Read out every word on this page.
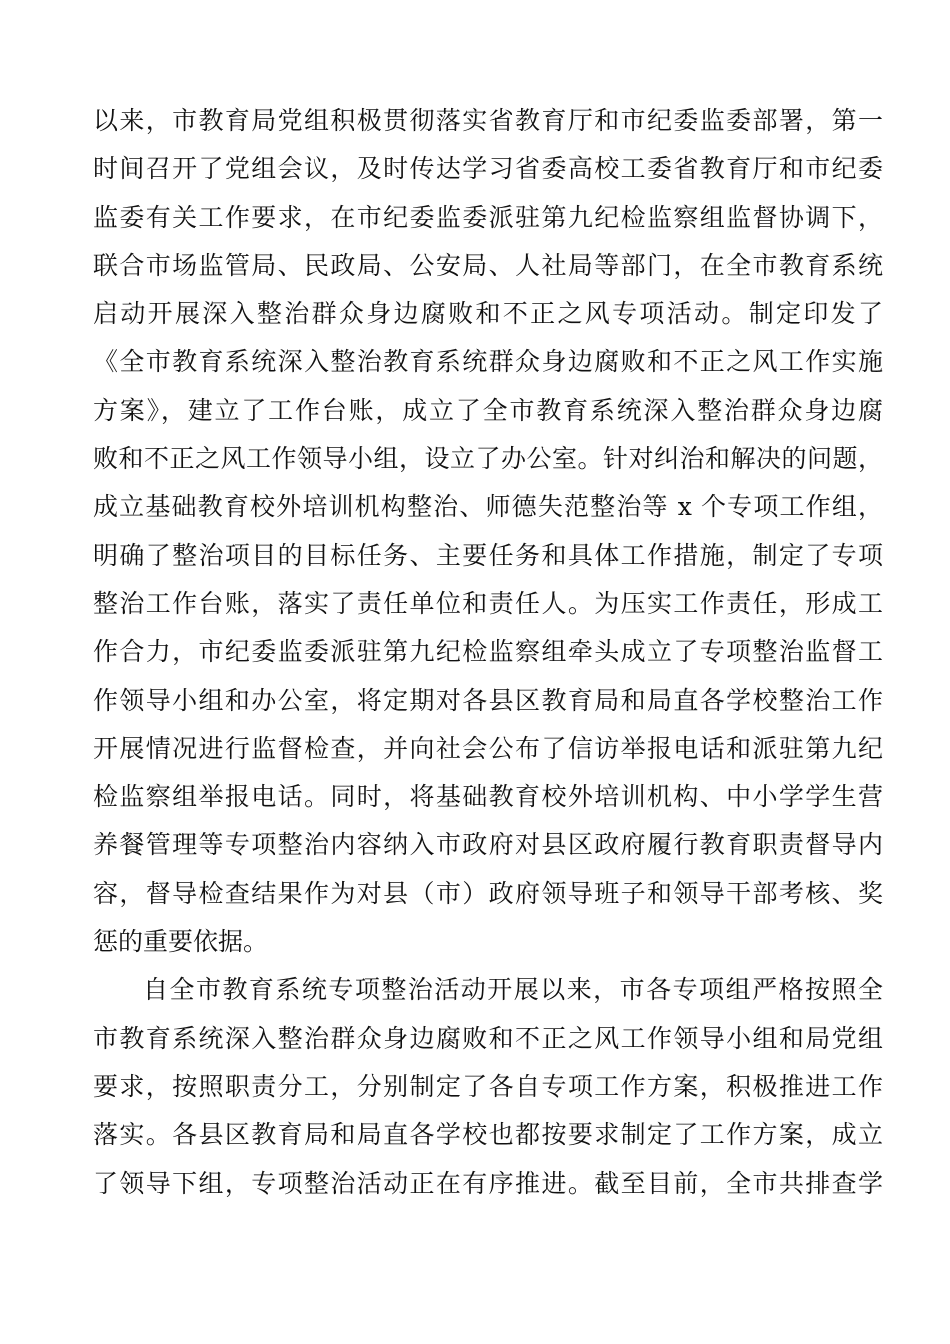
以来，市教育局党组积极贯彻落实省教育厅和市纪委监委部署，第一
时间召开了党组会议，及时传达学习省委高校工委省教育厅和市纪委
监委有关工作要求，在市纪委监委派驻第九纪检监察组监督协调下，
联合市场监管局、民政局、公安局、人社局等部门，在全市教育系统
启动开展深入整治群众身边腐败和不正之风专项活动。制定印发了
《全市教育系统深入整治教育系统群众身边腐败和不正之风工作实施
方案》，建立了工作台账，成立了全市教育系统深入整治群众身边腐
败和不正之风工作领导小组，设立了办公室。针对纠治和解决的问题，
成立基础教育校外培训机构整治、师德失范整治等 x 个专项工作组，
明确了整治项目的目标任务、主要任务和具体工作措施，制定了专项
整治工作台账，落实了责任单位和责任人。为压实工作责任，形成工
作合力，市纪委监委派驻第九纪检监察组牵头成立了专项整治监督工
作领导小组和办公室，将定期对各县区教育局和局直各学校整治工作
开展情况进行监督检查，并向社会公布了信访举报电话和派驻第九纪
检监察组举报电话。同时，将基础教育校外培训机构、中小学学生营
养餐管理等专项整治内容纳入市政府对县区政府履行教育职责督导内
容，督导检查结果作为对县（市）政府领导班子和领导干部考核、奖
惩的重要依据。
自全市教育系统专项整治活动开展以来，市各专项组严格按照全
市教育系统深入整治群众身边腐败和不正之风工作领导小组和局党组
要求，按照职责分工，分别制定了各自专项工作方案，积极推进工作
落实。各县区教育局和局直各学校也都按要求制定了工作方案，成立
了领导下组，专项整治活动正在有序推进。截至目前，全市共排查学
